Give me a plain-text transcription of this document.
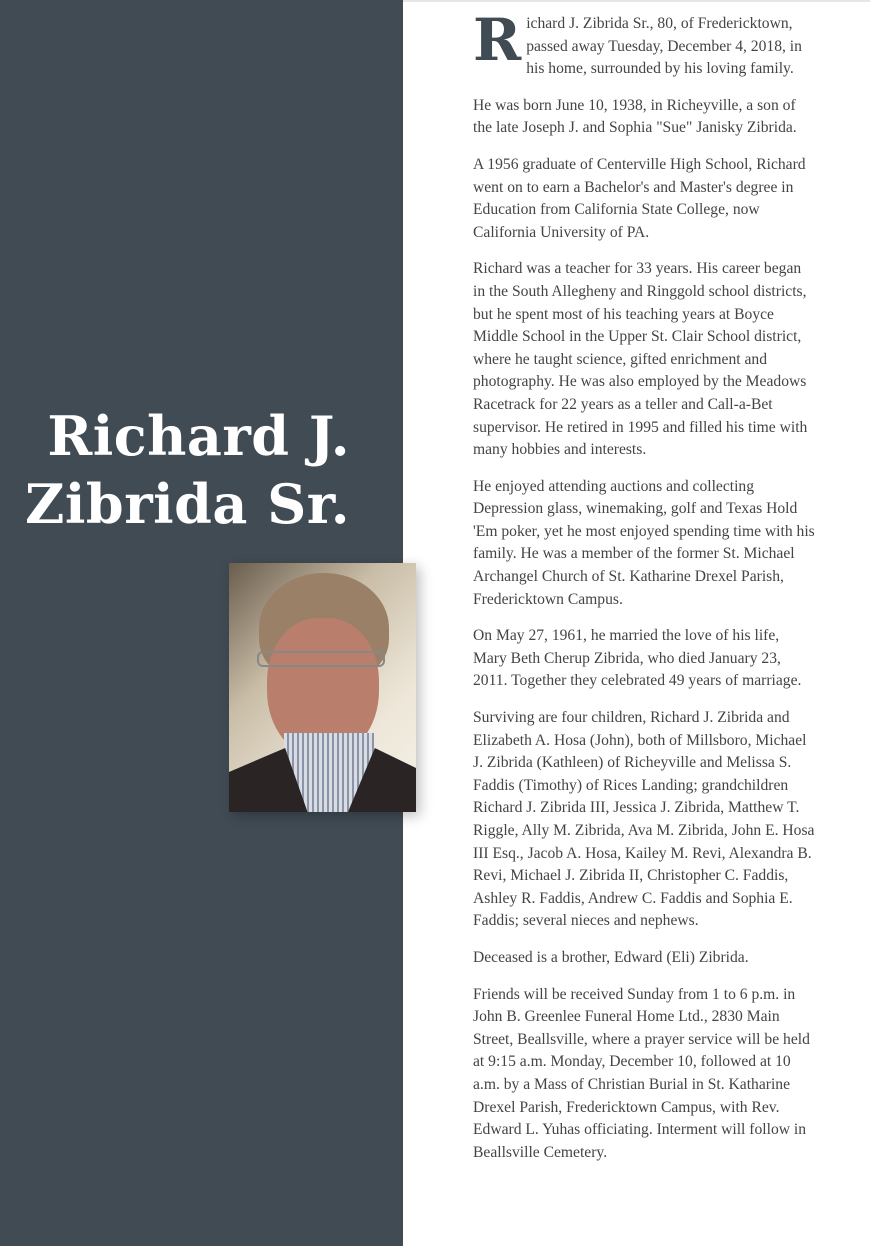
Richard J. Zibrida Sr.

Richard J. Zibrida Sr., 80, of Fredericktown, passed away Tuesday, December 4, 2018, in his home, surrounded by his loving family.

He was born June 10, 1938, in Richeyville, a son of the late Joseph J. and Sophia "Sue" Janisky Zibrida.

A 1956 graduate of Centerville High School, Richard went on to earn a Bachelor's and Master's degree in Education from California State College, now California University of PA.

Richard was a teacher for 33 years. His career began in the South Allegheny and Ringgold school districts, but he spent most of his teaching years at Boyce Middle School in the Upper St. Clair School district, where he taught science, gifted enrichment and photography. He was also employed by the Meadows Racetrack for 22 years as a teller and Call-a-Bet supervisor. He retired in 1995 and filled his time with many hobbies and interests.

He enjoyed attending auctions and collecting Depression glass, winemaking, golf and Texas Hold 'Em poker, yet he most enjoyed spending time with his family. He was a member of the former St. Michael Archangel Church of St. Katharine Drexel Parish, Fredericktown Campus.

On May 27, 1961, he married the love of his life, Mary Beth Cherup Zibrida, who died January 23, 2011. Together they celebrated 49 years of marriage.

Surviving are four children, Richard J. Zibrida and Elizabeth A. Hosa (John), both of Millsboro, Michael J. Zibrida (Kathleen) of Richeyville and Melissa S. Faddis (Timothy) of Rices Landing; grandchildren Richard J. Zibrida III, Jessica J. Zibrida, Matthew T. Riggle, Ally M. Zibrida, Ava M. Zibrida, John E. Hosa III Esq., Jacob A. Hosa, Kailey M. Revi, Alexandra B. Revi, Michael J. Zibrida II, Christopher C. Faddis, Ashley R. Faddis, Andrew C. Faddis and Sophia E. Faddis; several nieces and nephews.

Deceased is a brother, Edward (Eli) Zibrida.

Friends will be received Sunday from 1 to 6 p.m. in John B. Greenlee Funeral Home Ltd., 2830 Main Street, Beallsville, where a prayer service will be held at 9:15 a.m. Monday, December 10, followed at 10 a.m. by a Mass of Christian Burial in St. Katharine Drexel Parish, Fredericktown Campus, with Rev. Edward L. Yuhas officiating. Interment will follow in Beallsville Cemetery.
